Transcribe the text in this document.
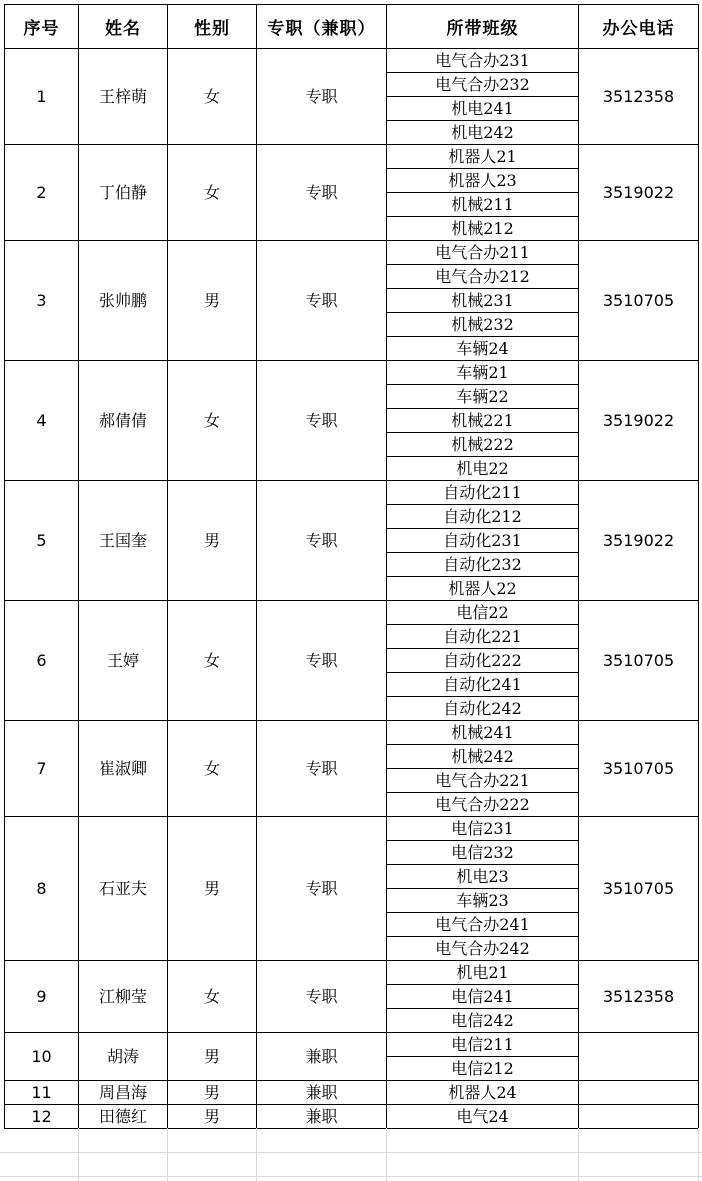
序号	姓名	性别	专职（兼职）	所带班级	办公电话
1	王梓萌	女	专职	电气合办231	3512358
				电气合办232	
				机电241	
				机电242	
2	丁伯静	女	专职	机器人21	3519022
				机器人23	
				机械211	
				机械212	
3	张帅鹏	男	专职	电气合办211	3510705
				电气合办212	
				机械231	
				机械232	
				车辆24	
4	郝倩倩	女	专职	车辆21	3519022
				车辆22	
				机械221	
				机械222	
				机电22	
5	王国奎	男	专职	自动化211	3519022
				自动化212	
				自动化231	
				自动化232	
				机器人22	
6	王婷	女	专职	电信22	3510705
				自动化221	
				自动化222	
				自动化241	
				自动化242	
7	崔淑卿	女	专职	机械241	3510705
				机械242	
				电气合办221	
				电气合办222	
8	石亚夫	男	专职	电信231	3510705
				电信232	
				机电23	
				车辆23	
				电气合办241	
				电气合办242	
9	江柳莹	女	专职	机电21	3512358
				电信241	
				电信242	
10	胡涛	男	兼职	电信211	
				电信212	
11	周昌海	男	兼职	机器人24	
12	田德红	男	兼职	电气24	
